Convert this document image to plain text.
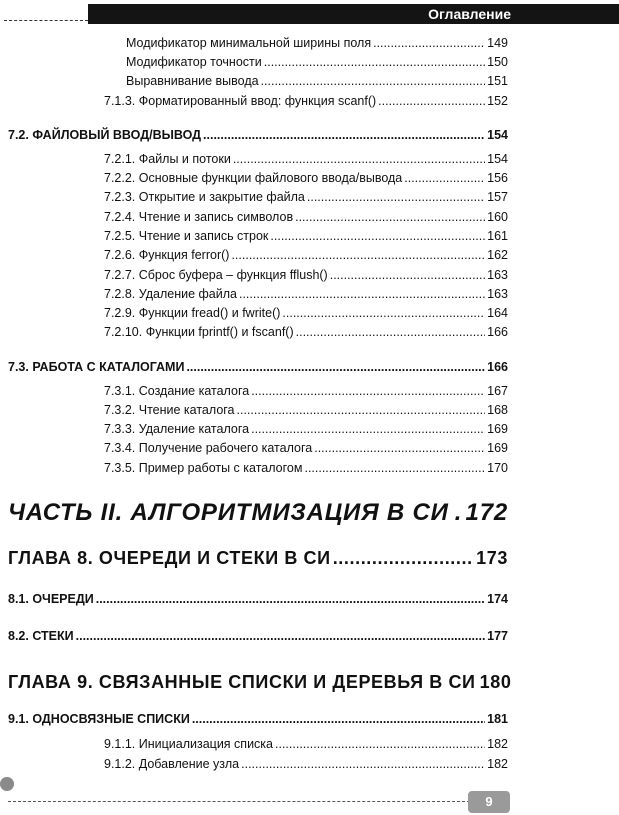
Оглавление
Модификатор минимальной ширины поля .....	149
Модификатор точности .....	150
Выравнивание вывода .....	151
7.1.3. Форматированный ввод: функция scanf() .....	152
7.2. ФАЙЛОВЫЙ ВВОД/ВЫВОД .....	154
7.2.1. Файлы и потоки .....	154
7.2.2. Основные функции файлового ввода/вывода .....	156
7.2.3. Открытие и закрытие файла .....	157
7.2.4. Чтение и запись символов .....	160
7.2.5. Чтение и запись строк .....	161
7.2.6. Функция ferror() .....	162
7.2.7. Сброс буфера – функция fflush() .....	163
7.2.8. Удаление файла .....	163
7.2.9. Функции fread() и fwrite() .....	164
7.2.10. Функции fprintf() и fscanf() .....	166
7.3. РАБОТА С КАТАЛОГАМИ .....	166
7.3.1. Создание каталога .....	167
7.3.2. Чтение каталога .....	168
7.3.3. Удаление каталога .....	169
7.3.4. Получение рабочего каталога .....	169
7.3.5. Пример работы с каталогом .....	170
ЧАСТЬ II. АЛГОРИТМИЗАЦИЯ В СИ . . . 172
ГЛАВА 8. ОЧЕРЕДИ И СТЕКИ В СИ .....	173
8.1. ОЧЕРЕДИ .....	174
8.2. СТЕКИ .....	177
ГЛАВА 9. СВЯЗАННЫЕ СПИСКИ И ДЕРЕВЬЯ В СИ 180
9.1. ОДНОСВЯЗНЫЕ СПИСКИ .....	181
9.1.1. Инициализация списка .....	182
9.1.2. Добавление узла .....	182
9
